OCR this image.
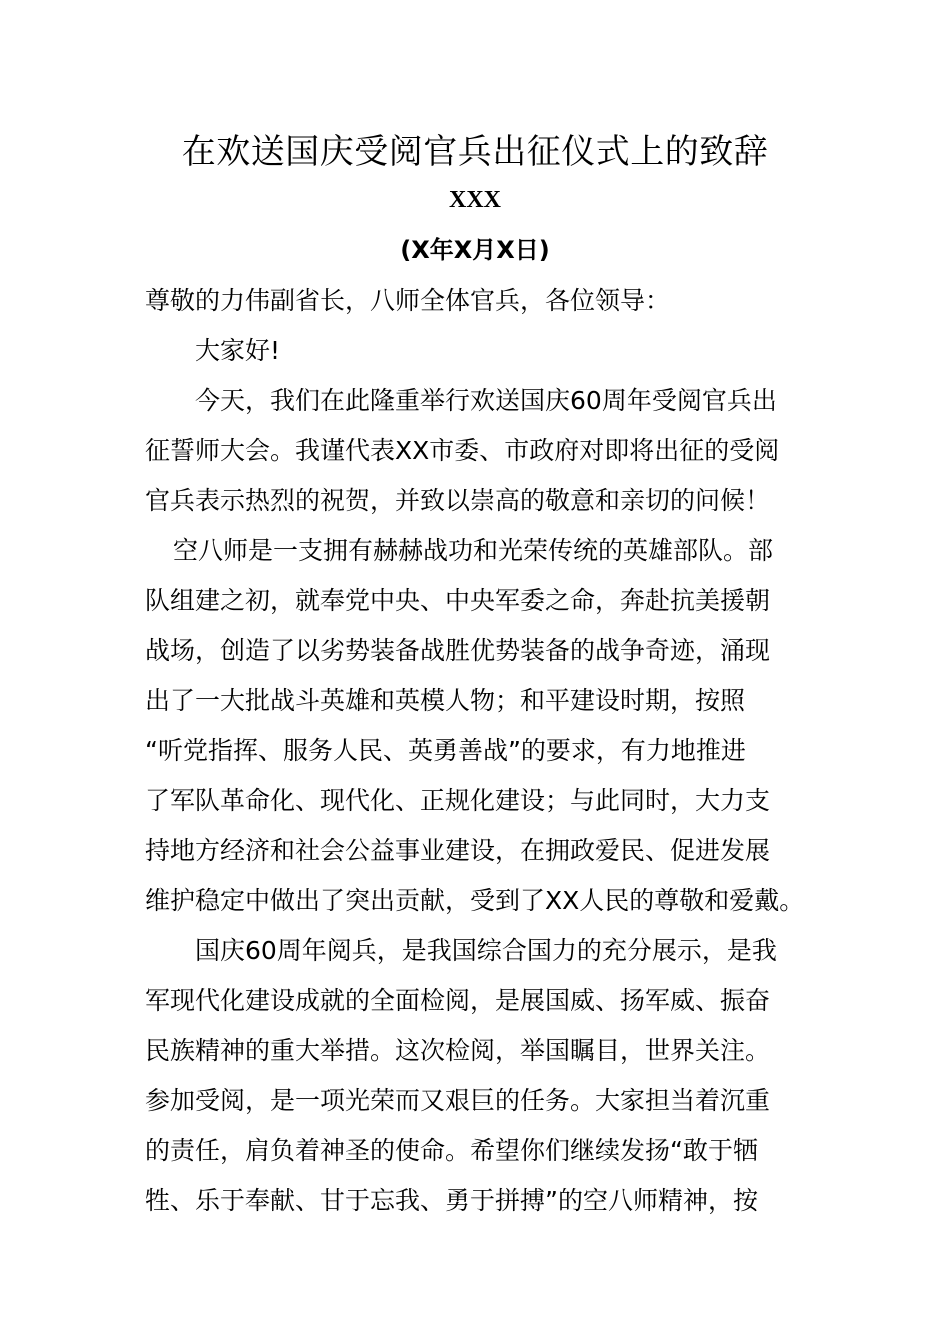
在欢送国庆受阅官兵出征仪式上的致辞
XXX
(X年X月X日)
尊敬的力伟副省长，八师全体官兵，各位领导：
大家好!
今天，我们在此隆重举行欢送国庆60周年受阅官兵出
征誓师大会。我谨代表XX市委、市政府对即将出征的受阅
官兵表示热烈的祝贺，并致以崇高的敬意和亲切的问候！
空八师是一支拥有赫赫战功和光荣传统的英雄部队。部
队组建之初，就奉党中央、中央军委之命，奔赴抗美援朝
战场，创造了以劣势装备战胜优势装备的战争奇迹，涌现
出了一大批战斗英雄和英模人物；和平建设时期，按照
“听党指挥、服务人民、英勇善战”的要求，有力地推进
了军队革命化、现代化、正规化建设；与此同时，大力支
持地方经济和社会公益事业建设，在拥政爱民、促进发展
维护稳定中做出了突出贡献，受到了XX人民的尊敬和爱戴。
国庆60周年阅兵，是我国综合国力的充分展示，是我
军现代化建设成就的全面检阅，是展国威、扬军威、振奋
民族精神的重大举措。这次检阅，举国瞩目，世界关注。
参加受阅，是一项光荣而又艰巨的任务。大家担当着沉重
的责任，肩负着神圣的使命。希望你们继续发扬“敢于牺
牲、乐于奉献、甘于忘我、勇于拼搏”的空八师精神，按
